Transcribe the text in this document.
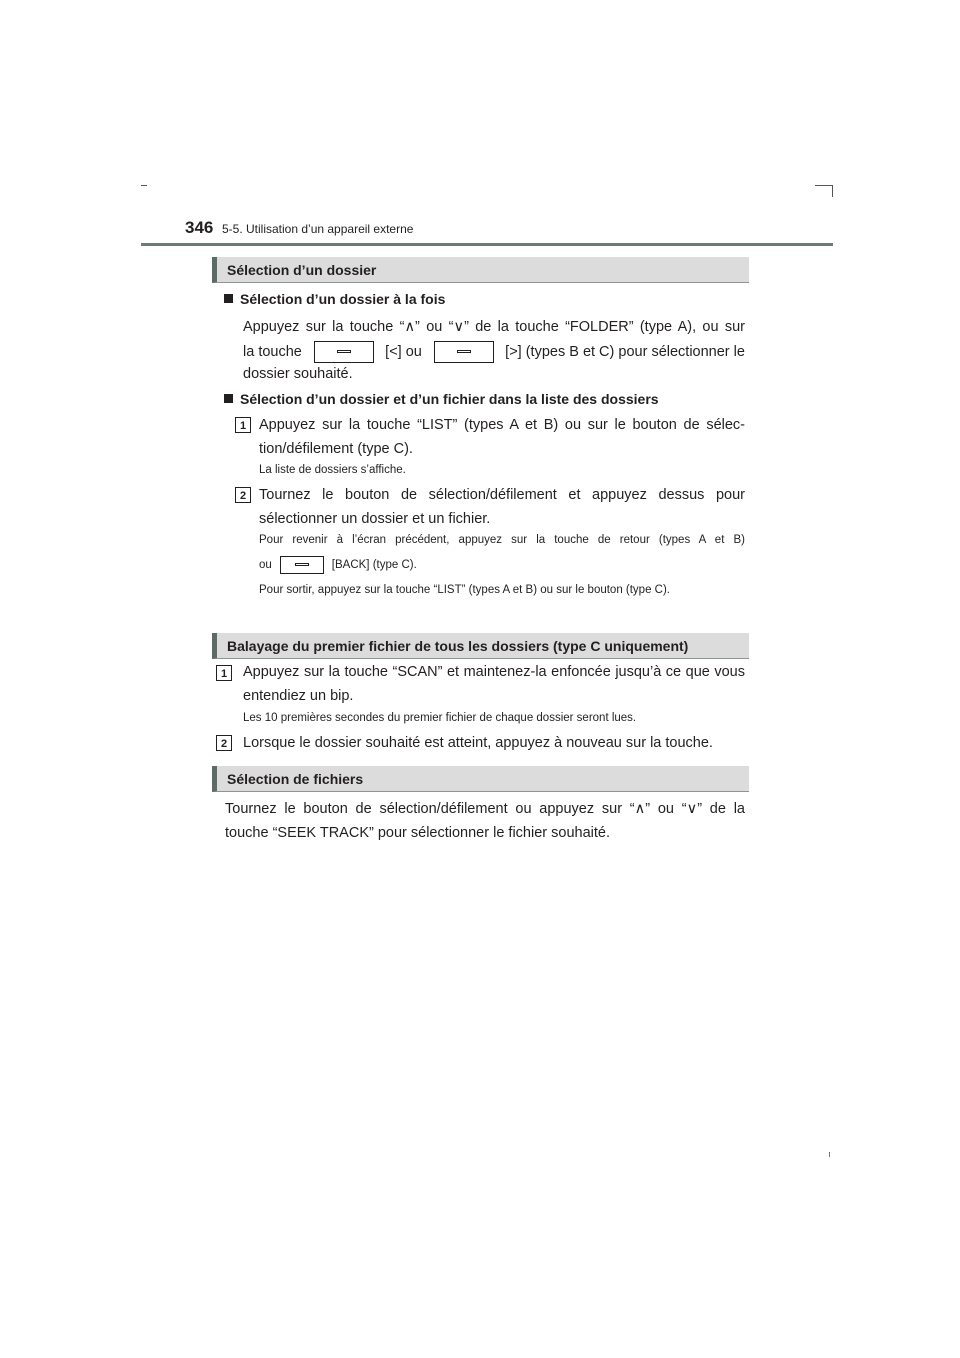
346 5-5. Utilisation d’un appareil externe
Sélection d’un dossier
Sélection d’un dossier à la fois
Appuyez sur la touche “∧” ou “∨” de la touche “FOLDER” (type A), ou sur
la touche	[<] ou	[>] (types B et C) pour sélectionner le
dossier souhaité.
Sélection d’un dossier et d’un fichier dans la liste des dossiers
1 Appuyez sur la touche “LIST” (types A et B) ou sur le bouton de sélec-tion/défilement (type C).
La liste de dossiers s’affiche.
2 Tournez le bouton de sélection/défilement et appuyez dessus pour sélectionner un dossier et un fichier.
Pour revenir à l’écran précédent, appuyez sur la touche de retour (types A et B)
ou	[BACK] (type C).
Pour sortir, appuyez sur la touche “LIST” (types A et B) ou sur le bouton (type C).
Balayage du premier fichier de tous les dossiers (type C uniquement)
1	Appuyez sur la touche “SCAN” et maintenez-la enfoncée jusqu’à ce que vous entendiez un bip.
Les 10 premières secondes du premier fichier de chaque dossier seront lues.
2	Lorsque le dossier souhaité est atteint, appuyez à nouveau sur la touche.
Sélection de fichiers
Tournez le bouton de sélection/défilement ou appuyez sur “∧” ou “∨” de la touche “SEEK TRACK” pour sélectionner le fichier souhaité.
